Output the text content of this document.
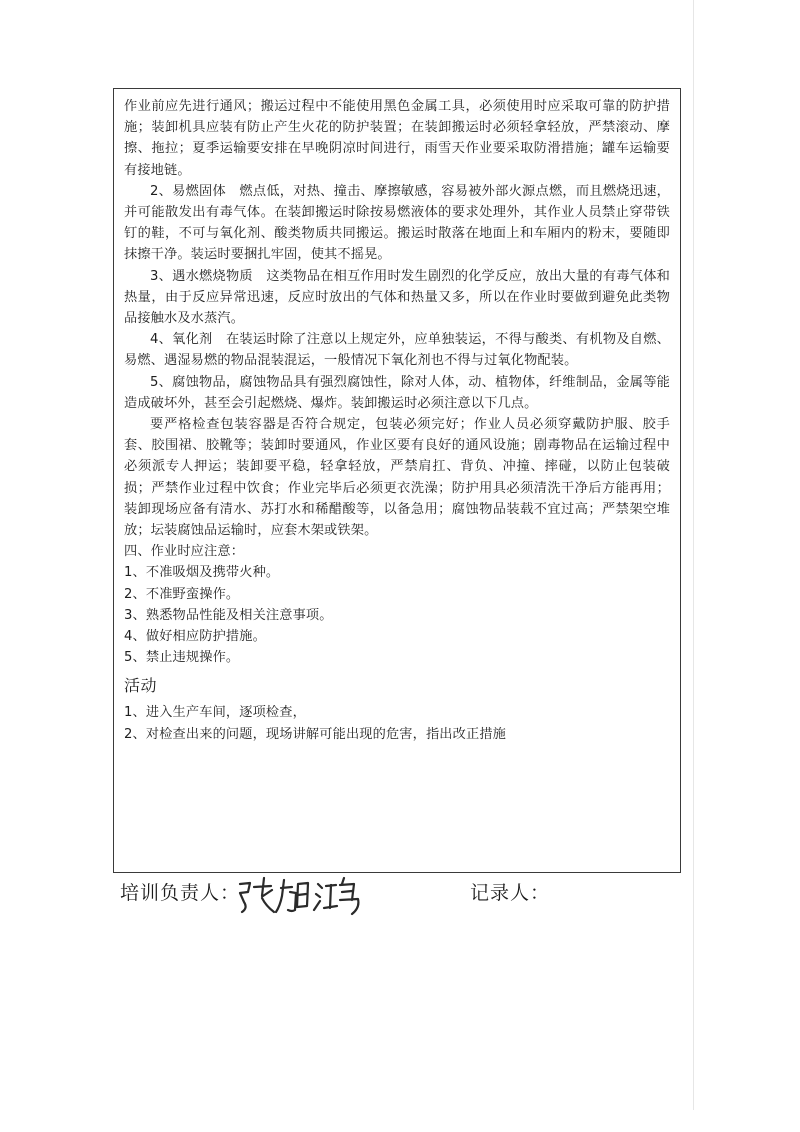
作业前应先进行通风；搬运过程中不能使用黑色金属工具，必须使用时应采取可靠的防护措施；装卸机具应装有防止产生火花的防护装置；在装卸搬运时必须轻拿轻放，严禁滚动、摩擦、拖拉；夏季运输要安排在早晚阴凉时间进行，雨雪天作业要采取防滑措施；罐车运输要有接地链。

2、易燃固体　燃点低，对热、撞击、摩擦敏感，容易被外部火源点燃，而且燃烧迅速，并可能散发出有毒气体。在装卸搬运时除按易燃液体的要求处理外，其作业人员禁止穿带铁钉的鞋，不可与氧化剂、酸类物质共同搬运。搬运时散落在地面上和车厢内的粉末，要随即抹擦干净。装运时要捆扎牢固，使其不摇晃。

3、遇水燃烧物质　这类物品在相互作用时发生剧烈的化学反应，放出大量的有毒气体和热量，由于反应异常迅速，反应时放出的气体和热量又多，所以在作业时要做到避免此类物品接触水及水蒸汽。

4、氧化剂　在装运时除了注意以上规定外，应单独装运，不得与酸类、有机物及自燃、易燃、遇湿易燃的物品混装混运，一般情况下氧化剂也不得与过氧化物配装。

5、腐蚀物品，腐蚀物品具有强烈腐蚀性，除对人体，动、植物体，纤维制品，金属等能造成破坏外，甚至会引起燃烧、爆炸。装卸搬运时必须注意以下几点。

要严格检查包装容器是否符合规定，包装必须完好；作业人员必须穿戴防护服、胶手套、胶围裙、胶靴等；装卸时要通风，作业区要有良好的通风设施；剧毒物品在运输过程中必须派专人押运；装卸要平稳，轻拿轻放，严禁肩扛、背负、冲撞、摔碰，以防止包装破损；严禁作业过程中饮食；作业完毕后必须更衣洗澡；防护用具必须清洗干净后方能再用；装卸现场应备有清水、苏打水和稀醋酸等，以备急用；腐蚀物品装载不宜过高；严禁架空堆放；坛装腐蚀品运输时，应套木架或铁架。

四、作业时应注意：

1、不准吸烟及携带火种。

2、不准野蛮操作。

3、熟悉物品性能及相关注意事项。

4、做好相应防护措施。

5、禁止违规操作。

活动

1、进入生产车间，逐项检查，

2、对检查出来的问题，现场讲解可能出现的危害，指出改正措施

培训负责人：	记录人：
